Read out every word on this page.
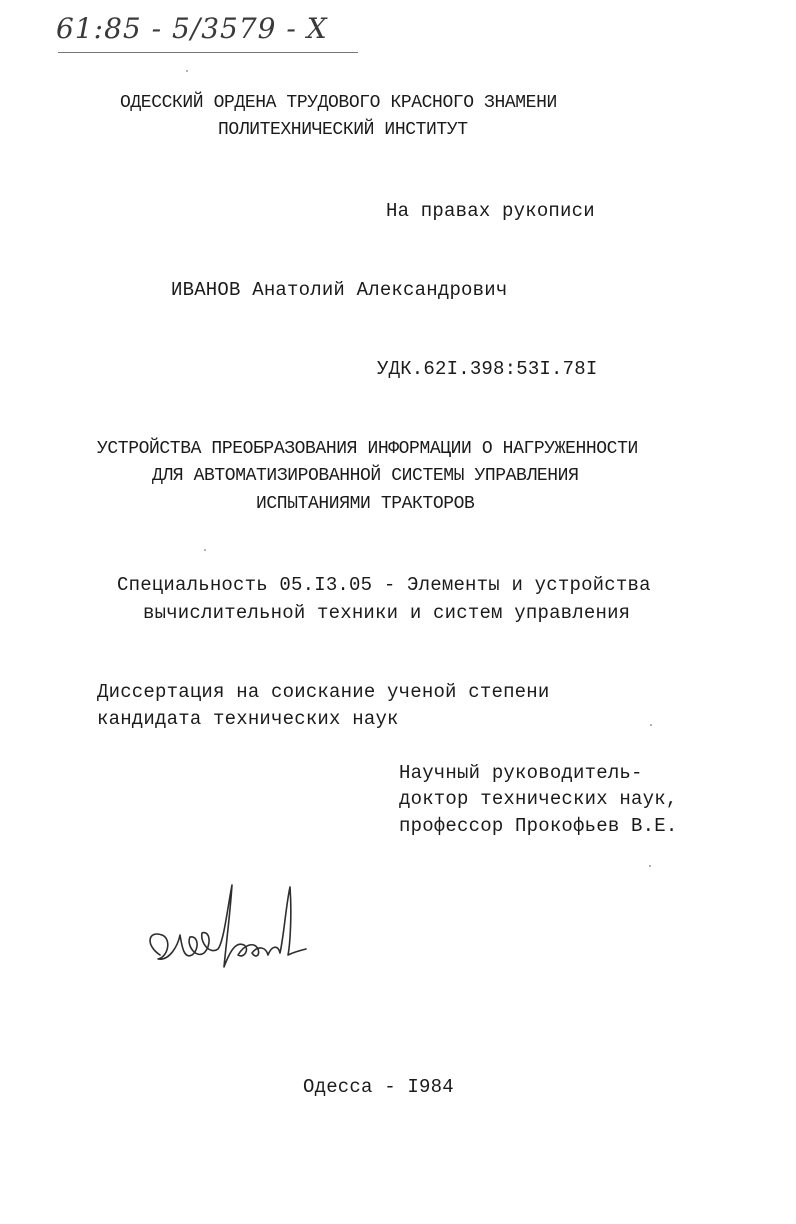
61:85 - 5/3579 - X
ОДЕССКИЙ ОРДЕНА ТРУДОВОГО КРАСНОГО ЗНАМЕНИ
ПОЛИТЕХНИЧЕСКИЙ ИНСТИТУТ
На правах рукописи
ИВАНОВ Анатолий Александрович
УДК.62I.398:53I.78I
УСТРОЙСТВА ПРЕОБРАЗОВАНИЯ ИНФОРМАЦИИ О НАГРУЖЕННОСТИ
ДЛЯ АВТОМАТИЗИРОВАННОЙ СИСТЕМЫ УПРАВЛЕНИЯ
ИСПЫТАНИЯМИ ТРАКТОРОВ
Специальность 05.I3.05 - Элементы и устройства
вычислительной техники и систем управления
Диссертация на соискание ученой степени
кандидата технических наук
Научный руководитель-
доктор технических наук,
профессор Прокофьев В.Е.
Одесса - I984
